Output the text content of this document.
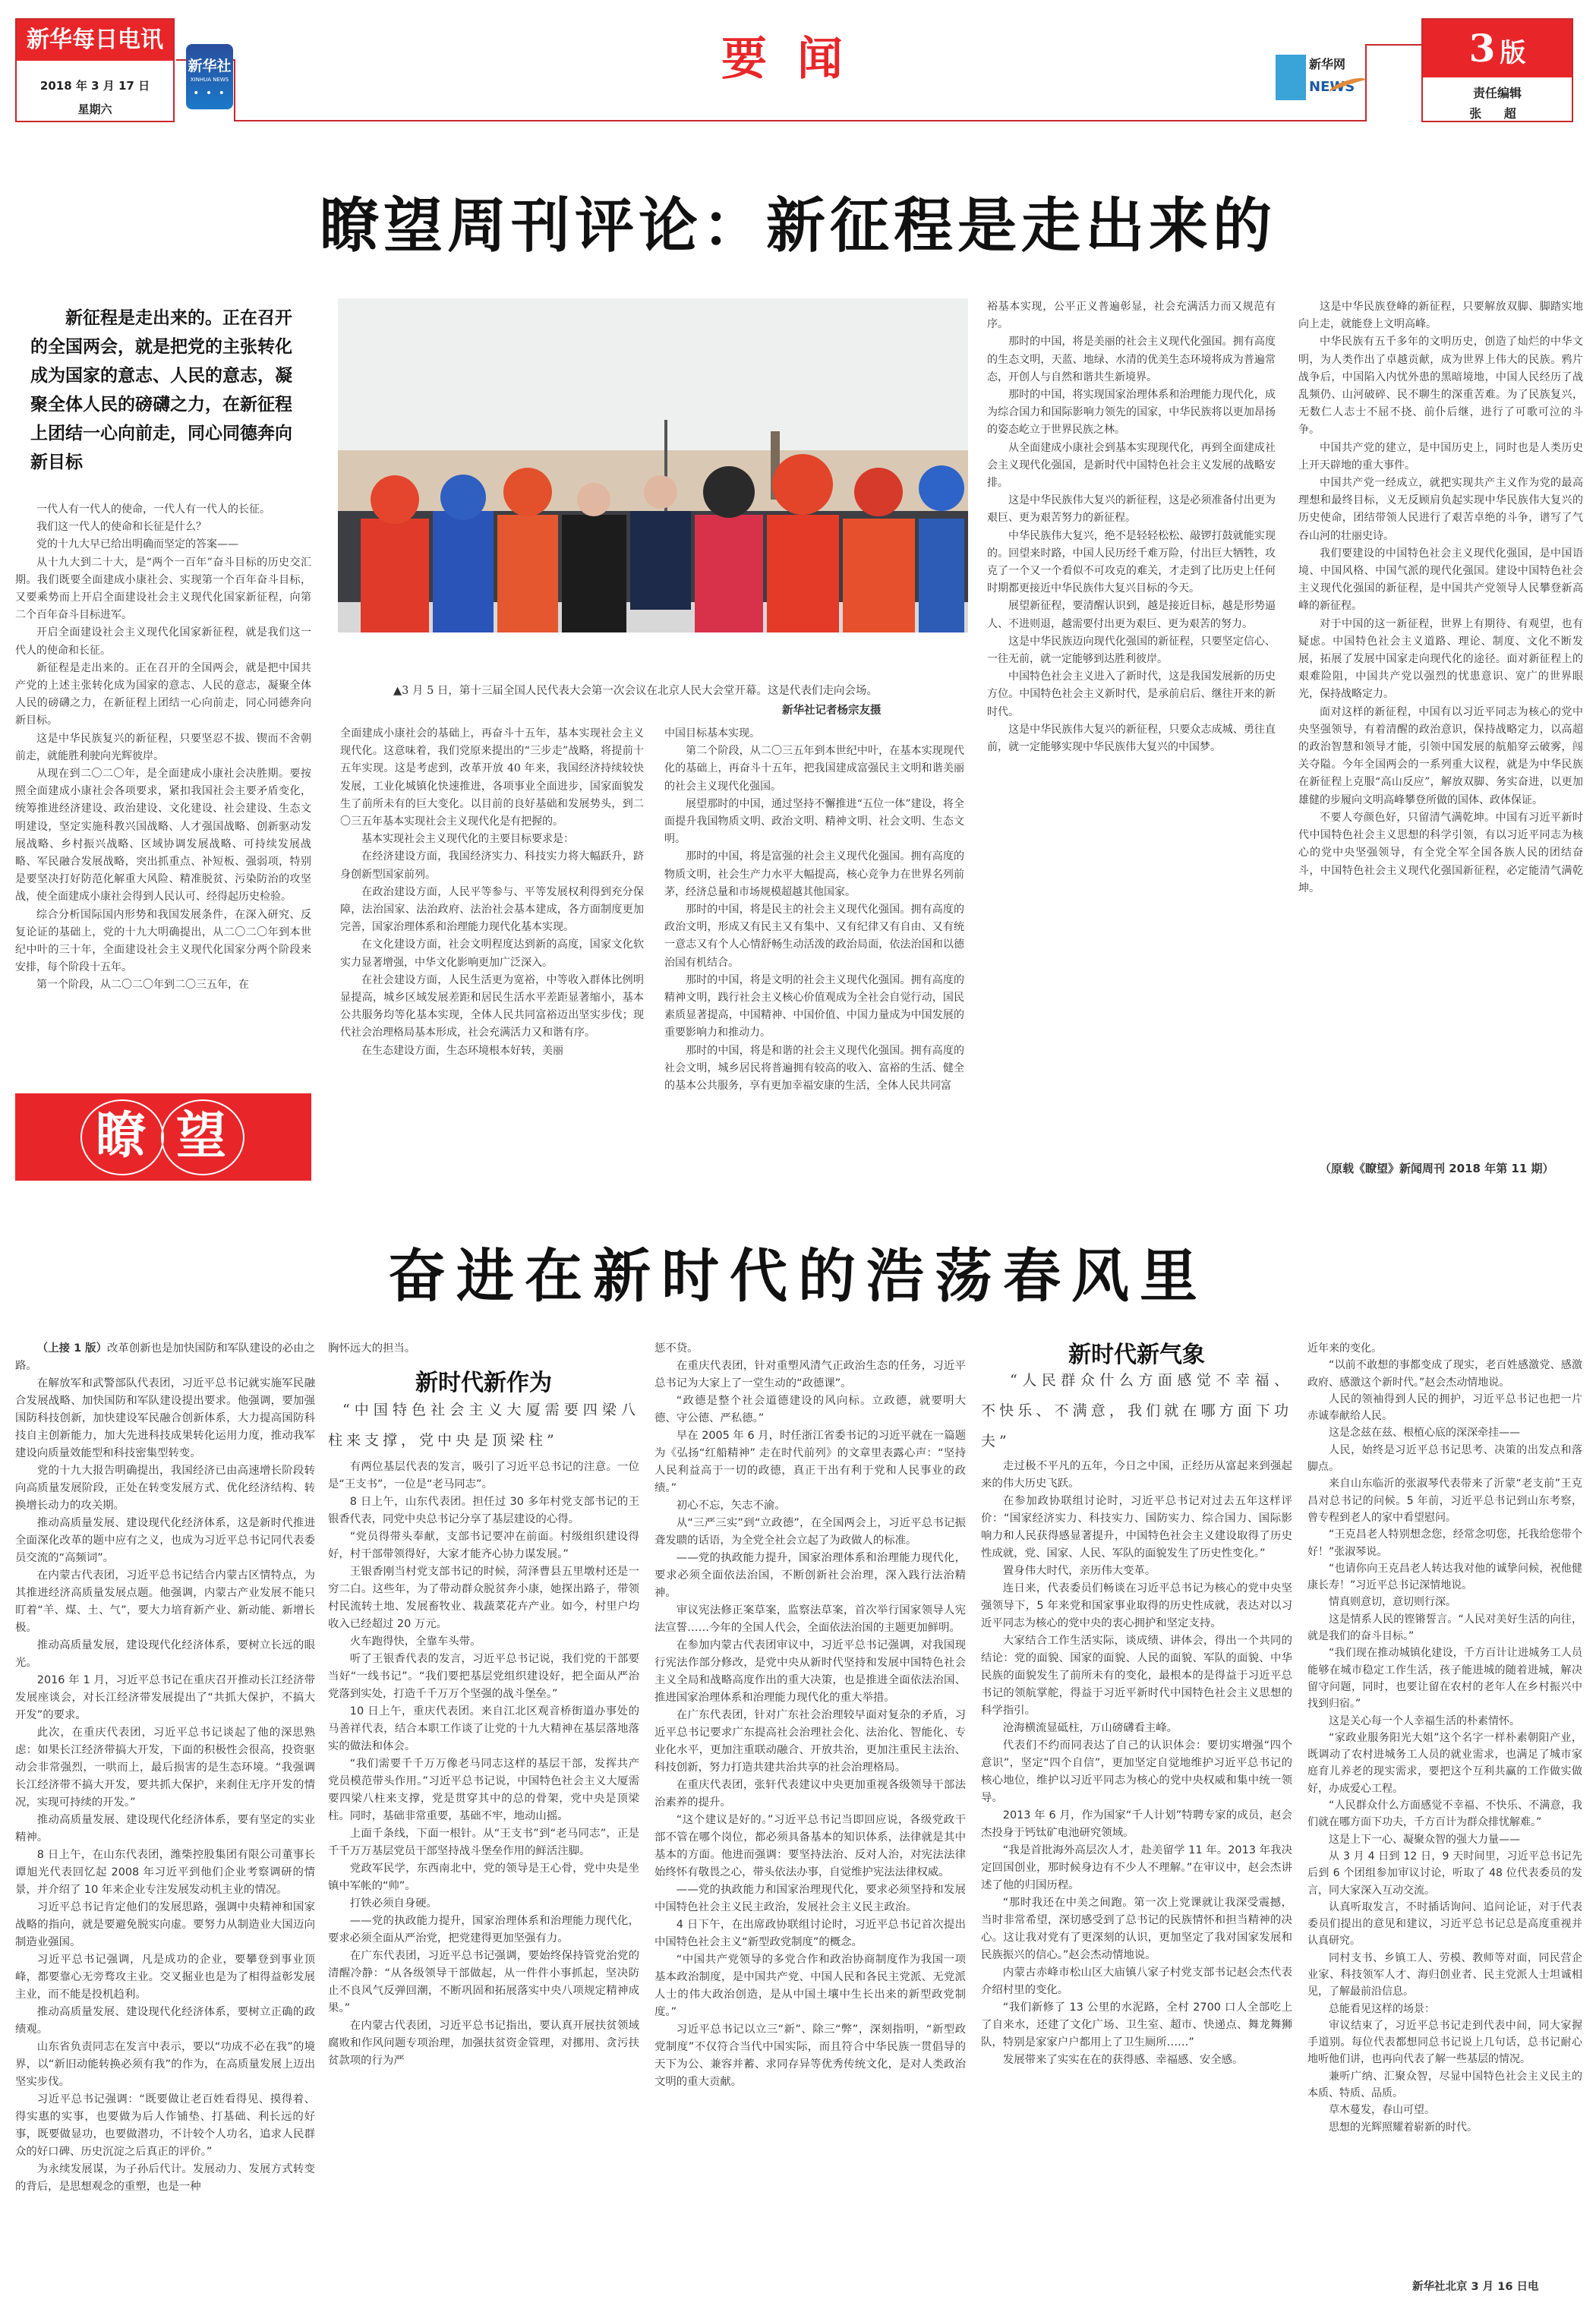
新华每日电讯
2018 年 3 月 17 日
星期六
新华社
XINHUA NEWS
• • •
要闻	新华网
NEWS
3 版
责任编辑
张 超
瞭望周刊评论：新征程是走出来的
新征程是走出来的。正在召开的全国两会，就是把党的主张转化成为国家的意志、人民的意志，凝聚全体人民的磅礴之力，在新征程上团结一心向前走，同心同德奔向新目标

一代人有一代人的使命，一代人有一代人的长征。

我们这一代人的使命和长征是什么？

党的十九大早已给出明确而坚定的答案——

从十九大到二十大，是“两个一百年”奋斗目标的历史交汇期。我们既要全面建成小康社会、实现第一个百年奋斗目标，又要乘势而上开启全面建设社会主义现代化国家新征程，向第二个百年奋斗目标进军。

开启全面建设社会主义现代化国家新征程，就是我们这一代人的使命和长征。

新征程是走出来的。正在召开的全国两会，就是把中国共产党的上述主张转化成为国家的意志、人民的意志，凝聚全体人民的磅礴之力，在新征程上团结一心向前走，同心同德奔向新目标。

这是中华民族复兴的新征程，只要坚忍不拔、锲而不舍朝前走，就能胜利驶向光辉彼岸。

从现在到二〇二〇年，是全面建成小康社会决胜期。要按照全面建成小康社会各项要求，紧扣我国社会主要矛盾变化，统筹推进经济建设、政治建设、文化建设、社会建设、生态文明建设，坚定实施科教兴国战略、人才强国战略、创新驱动发展战略、乡村振兴战略、区域协调发展战略、可持续发展战略、军民融合发展战略，突出抓重点、补短板、强弱项，特别是要坚决打好防范化解重大风险、精准脱贫、污染防治的攻坚战，使全面建成小康社会得到人民认可、经得起历史检验。

综合分析国际国内形势和我国发展条件，在深入研究、反复论证的基础上，党的十九大明确提出，从二〇二〇年到本世纪中叶的三十年，全面建设社会主义现代化国家分两个阶段来安排，每个阶段十五年。

第一个阶段，从二〇二〇年到二〇三五年，在

▲3 月 5 日，第十三届全国人民代表大会第一次会议在北京人民大会堂开幕。这是代表们走向会场。
新华社记者杨宗友摄

全面建成小康社会的基础上，再奋斗十五年，基本实现社会主义现代化。这意味着，我们党原来提出的“三步走”战略，将提前十五年实现。这是考虑到，改革开放 40 年来，我国经济持续较快发展，工业化城镇化快速推进，各项事业全面进步，国家面貌发生了前所未有的巨大变化。以目前的良好基础和发展势头，到二〇三五年基本实现社会主义现代化是有把握的。

基本实现社会主义现代化的主要目标要求是：

在经济建设方面，我国经济实力、科技实力将大幅跃升，跻身创新型国家前列。

在政治建设方面，人民平等参与、平等发展权利得到充分保障，法治国家、法治政府、法治社会基本建成，各方面制度更加完善，国家治理体系和治理能力现代化基本实现。

在文化建设方面，社会文明程度达到新的高度，国家文化软实力显著增强，中华文化影响更加广泛深入。

在社会建设方面，人民生活更为宽裕，中等收入群体比例明显提高，城乡区域发展差距和居民生活水平差距显著缩小，基本公共服务均等化基本实现，全体人民共同富裕迈出坚实步伐；现代社会治理格局基本形成，社会充满活力又和谐有序。

在生态建设方面，生态环境根本好转，美丽

中国目标基本实现。

第二个阶段，从二〇三五年到本世纪中叶，在基本实现现代化的基础上，再奋斗十五年，把我国建成富强民主文明和谐美丽的社会主义现代化强国。

展望那时的中国，通过坚持不懈推进“五位一体”建设，将全面提升我国物质文明、政治文明、精神文明、社会文明、生态文明。

那时的中国，将是富强的社会主义现代化强国。拥有高度的物质文明，社会生产力水平大幅提高，核心竞争力在世界名列前茅，经济总量和市场规模超越其他国家。

那时的中国，将是民主的社会主义现代化强国。拥有高度的政治文明，形成又有民主又有集中、又有纪律又有自由、又有统一意志又有个人心情舒畅生动活泼的政治局面，依法治国和以德治国有机结合。

那时的中国，将是文明的社会主义现代化强国。拥有高度的精神文明，践行社会主义核心价值观成为全社会自觉行动，国民素质显著提高，中国精神、中国价值、中国力量成为中国发展的重要影响力和推动力。

那时的中国，将是和谐的社会主义现代化强国。拥有高度的社会文明，城乡居民将普遍拥有较高的收入、富裕的生活、健全的基本公共服务，享有更加幸福安康的生活，全体人民共同富

裕基本实现，公平正义普遍彰显，社会充满活力而又规范有序。

那时的中国，将是美丽的社会主义现代化强国。拥有高度的生态文明，天蓝、地绿、水清的优美生态环境将成为普遍常态，开创人与自然和谐共生新境界。

那时的中国，将实现国家治理体系和治理能力现代化，成为综合国力和国际影响力领先的国家，中华民族将以更加昂扬的姿态屹立于世界民族之林。

从全面建成小康社会到基本实现现代化，再到全面建成社会主义现代化强国，是新时代中国特色社会主义发展的战略安排。

这是中华民族伟大复兴的新征程，这是必须准备付出更为艰巨、更为艰苦努力的新征程。

中华民族伟大复兴，绝不是轻轻松松、敲锣打鼓就能实现的。回望来时路，中国人民历经千难万险，付出巨大牺牲，攻克了一个又一个看似不可攻克的难关，才走到了比历史上任何时期都更接近中华民族伟大复兴目标的今天。

展望新征程，要清醒认识到，越是接近目标，越是形势逼人、不进则退，越需要付出更为艰巨、更为艰苦的努力。

这是中华民族迈向现代化强国的新征程，只要坚定信心、一往无前，就一定能够到达胜利彼岸。

中国特色社会主义进入了新时代，这是我国发展新的历史方位。中国特色社会主义新时代，是承前启后、继往开来的新时代。

这是中华民族伟大复兴的新征程，只要众志成城、勇往直前，就一定能够实现中华民族伟大复兴的中国梦。

这是中华民族登峰的新征程，只要解放双脚、脚踏实地向上走，就能登上文明高峰。

中华民族有五千多年的文明历史，创造了灿烂的中华文明，为人类作出了卓越贡献，成为世界上伟大的民族。鸦片战争后，中国陷入内忧外患的黑暗境地，中国人民经历了战乱频仍、山河破碎、民不聊生的深重苦难。为了民族复兴，无数仁人志士不屈不挠、前仆后继，进行了可歌可泣的斗争。

中国共产党的建立，是中国历史上，同时也是人类历史上开天辟地的重大事件。

中国共产党一经成立，就把实现共产主义作为党的最高理想和最终目标，义无反顾肩负起实现中华民族伟大复兴的历史使命，团结带领人民进行了艰苦卓绝的斗争，谱写了气吞山河的壮丽史诗。

我们要建设的中国特色社会主义现代化强国，是中国语境、中国风格、中国气派的现代化强国。建设中国特色社会主义现代化强国的新征程，是中国共产党领导人民攀登新高峰的新征程。

对于中国的这一新征程，世界上有期待、有观望，也有疑虑。中国特色社会主义道路、理论、制度、文化不断发展，拓展了发展中国家走向现代化的途径。面对新征程上的艰难险阻，中国共产党以强烈的忧患意识、宽广的世界眼光，保持战略定力。

面对这样的新征程，中国有以习近平同志为核心的党中央坚强领导，有着清醒的政治意识，保持战略定力，以高超的政治智慧和领导才能，引领中国发展的航船穿云破雾，闯关夺隘。今年全国两会的一系列重大议程，就是为中华民族在新征程上克服“高山反应”，解放双脚、务实奋进，以更加雄健的步履向文明高峰攀登所做的国体、政体保证。

不要人夸颜色好，只留清气满乾坤。中国有习近平新时代中国特色社会主义思想的科学引领，有以习近平同志为核心的党中央坚强领导，有全党全军全国各族人民的团结奋斗，中国特色社会主义现代化强国新征程，必定能清气满乾坤。

（原载《瞭望》新闻周刊 2018 年第 11 期）
瞭 望
奋进在新时代的浩荡春风里

（上接 1 版）改革创新也是加快国防和军队建设的必由之路。

在解放军和武警部队代表团，习近平总书记就实施军民融合发展战略、加快国防和军队建设提出要求。他强调，要加强国防科技创新，加快建设军民融合创新体系，大力提高国防科技自主创新能力，加大先进科技成果转化运用力度，推动我军建设向质量效能型和科技密集型转变。

党的十九大报告明确提出，我国经济已由高速增长阶段转向高质量发展阶段，正处在转变发展方式、优化经济结构、转换增长动力的攻关期。

推动高质量发展、建设现代化经济体系，这是新时代推进全面深化改革的题中应有之义，也成为习近平总书记同代表委员交流的“高频词”。

在内蒙古代表团，习近平总书记结合内蒙古区情特点，为其推进经济高质量发展点题。他强调，内蒙古产业发展不能只盯着“羊、煤、土、气”，要大力培育新产业、新动能、新增长极。

推动高质量发展，建设现代化经济体系，要树立长远的眼光。

2016 年 1 月，习近平总书记在重庆召开推动长江经济带发展座谈会，对长江经济带发展提出了“共抓大保护，不搞大开发”的要求。

此次，在重庆代表团，习近平总书记谈起了他的深思熟虑：如果长江经济带搞大开发，下面的积极性会很高，投资驱动会非常强烈，一哄而上，最后损害的是生态环境。“我强调长江经济带不搞大开发，要共抓大保护，来刹住无序开发的情况，实现可持续的开发。”

推动高质量发展、建设现代化经济体系，要有坚定的实业精神。

8 日上午，在山东代表团，潍柴控股集团有限公司董事长谭旭光代表回忆起 2008 年习近平到他们企业考察调研的情景，并介绍了 10 年来企业专注发展发动机主业的情况。

习近平总书记肯定他们的发展思路，强调中央精神和国家战略的指向，就是要避免脱实向虚。要努力从制造业大国迈向制造业强国。

习近平总书记强调，凡是成功的企业，要攀登到事业顶峰，都要靠心无旁骛攻主业。交叉掘业也是为了相得益彰发展主业，而不能是投机趋利。

推动高质量发展、建设现代化经济体系，要树立正确的政绩观。

山东省负责同志在发言中表示，要以“功成不必在我”的境界，以“新旧动能转换必须有我”的作为，在高质量发展上迈出坚实步伐。

习近平总书记强调：“既要做让老百姓看得见、摸得着、得实惠的实事，也要做为后人作铺垫、打基础、利长远的好事，既要做显功，也要做潜功，不计较个人功名，追求人民群众的好口碑、历史沉淀之后真正的评价。”

为永续发展谋，为子孙后代计。发展动力、发展方式转变的背后，是思想观念的重塑，也是一种

胸怀远大的担当。

新时代新作为
“中国特色社会主义大厦需要四梁八柱来支撑，党中央是顶梁柱”

有两位基层代表的发言，吸引了习近平总书记的注意。一位是“王支书”，一位是“老马同志”。

8 日上午，山东代表团。担任过 30 多年村党支部书记的王银香代表，同党中央总书记分享了基层建设的心得。

“党员得带头奉献，支部书记要冲在前面。村级组织建设得好，村干部带领得好，大家才能齐心协力谋发展。”

王银香刚当村党支部书记的时候，菏泽曹县五里墩村还是一穷二白。这些年，为了带动群众脱贫奔小康，她探出路子，带领村民流转土地、发展畜牧业、栽蔬菜花卉产业。如今，村里户均收入已经超过 20 万元。

火车跑得快，全靠车头带。

听了王银香代表的发言，习近平总书记说，我们党的干部要当好“一线书记”。“我们要把基层党组织建设好，把全面从严治党落到实处，打造千千万万个坚强的战斗堡垒。”

10 日上午，重庆代表团。来自江北区观音桥街道办事处的马善祥代表，结合本职工作谈了让党的十九大精神在基层落地落实的做法和体会。

“我们需要千千万万像老马同志这样的基层干部，发挥共产党员模范带头作用。”习近平总书记说，中国特色社会主义大厦需要四梁八柱来支撑，党是贯穿其中的总的骨架，党中央是顶梁柱。同时，基础非常重要，基础不牢，地动山摇。

上面千条线，下面一根针。从“王支书”到“老马同志”，正是千千万万基层党员干部坚持战斗堡垒作用的鲜活注脚。

党政军民学，东西南北中，党的领导是王心骨，党中央是坐镇中军帐的“帅”。

打铁必须自身硬。

——党的执政能力提升，国家治理体系和治理能力现代化，要求必须全面从严治党，把党建得更加坚强有力。

在广东代表团，习近平总书记强调，要始终保持管党治党的清醒冷静：“从各级领导干部做起，从一件件小事抓起，坚决防止不良风气反弹回潮，不断巩固和拓展落实中央八项规定精神成果。”

在内蒙古代表团，习近平总书记指出，要认真开展扶贫领域腐败和作风问题专项治理，加强扶贫资金管理，对挪用、贪污扶贫款项的行为严

惩不贷。

在重庆代表团，针对重塑风清气正政治生态的任务，习近平总书记为大家上了一堂生动的“政德课”。

“政德是整个社会道德建设的风向标。立政德，就要明大德、守公德、严私德。”

早在 2005 年 6 月，时任浙江省委书记的习近平就在一篇题为《弘扬“红船精神” 走在时代前列》的文章里表露心声：“坚持人民利益高于一切的政德，真正干出有利于党和人民事业的政绩。”

初心不忘，矢志不渝。

从“三严三实”到“立政德”，在全国两会上，习近平总书记振聋发聩的话语，为全党全社会立起了为政做人的标准。

——党的执政能力提升，国家治理体系和治理能力现代化，要求必须全面依法治国，不断创新社会治理，深入践行法治精神。

审议宪法修正案草案，监察法草案，首次举行国家领导人宪法宣誓……今年的全国人代会，全面依法治国的主题更加鲜明。

在参加内蒙古代表团审议中，习近平总书记强调，对我国现行宪法作部分修改，是党中央从新时代坚持和发展中国特色社会主义全局和战略高度作出的重大决策，也是推进全面依法治国、推进国家治理体系和治理能力现代化的重大举措。

在广东代表团，针对广东社会治理较早面对复杂的矛盾，习近平总书记要求广东提高社会治理社会化、法治化、智能化、专业化水平，更加注重联动融合、开放共治，更加注重民主法治、科技创新，努力打造共建共治共享的社会治理格局。

在重庆代表团，张轩代表建议中央更加重视各级领导干部法治素养的提升。

“这个建议是好的。”习近平总书记当即回应说，各级党政干部不管在哪个岗位，都必须具备基本的知识体系，法律就是其中基本的方面。他进而强调：要坚持法治、反对人治，对宪法法律始终怀有敬畏之心，带头依法办事，自觉维护宪法法律权威。

——党的执政能力和国家治理现代化，要求必须坚持和发展中国特色社会主义民主政治，发展社会主义民主政治。

4 日下午，在出席政协联组讨论时，习近平总书记首次提出中国特色社会主义“新型政党制度”的概念。

“中国共产党领导的多党合作和政治协商制度作为我国一项基本政治制度，是中国共产党、中国人民和各民主党派、无党派人士的伟大政治创造，是从中国土壤中生长出来的新型政党制度。”

习近平总书记以立三“新”、除三“弊”，深刻指明，“新型政党制度”不仅符合当代中国实际，而且符合中华民族一贯倡导的天下为公、兼容并蓄、求同存异等优秀传统文化，是对人类政治文明的重大贡献。

新时代新气象
“人民群众什么方面感觉不幸福、不快乐、不满意，我们就在哪方面下功夫”

走过极不平凡的五年，今日之中国，正经历从富起来到强起来的伟大历史飞跃。

在参加政协联组讨论时，习近平总书记对过去五年这样评价：“国家经济实力、科技实力、国防实力、综合国力、国际影响力和人民获得感显著提升，中国特色社会主义建设取得了历史性成就，党、国家、人民、军队的面貌发生了历史性变化。”

置身伟大时代，亲历伟大变革。

连日来，代表委员们畅谈在习近平总书记为核心的党中央坚强领导下，5 年来党和国家事业取得的历史性成就，表达对以习近平同志为核心的党中央的衷心拥护和坚定支持。

大家结合工作生活实际，谈成绩、讲体会，得出一个共同的结论：党的面貌、国家的面貌、人民的面貌、军队的面貌、中华民族的面貌发生了前所未有的变化，最根本的是得益于习近平总书记的领航掌舵，得益于习近平新时代中国特色社会主义思想的科学指引。

沧海横流显砥柱，万山磅礴看主峰。

代表们不约而同表达了自己的认识体会：要切实增强“四个意识”，坚定“四个自信”，更加坚定自觉地维护习近平总书记的核心地位，维护以习近平同志为核心的党中央权威和集中统一领导。

2013 年 6 月，作为国家“千人计划”特聘专家的成员，赵会杰投身于钙钛矿电池研究领域。

“我是首批海外高层次人才，赴美留学 11 年。2013 年我决定回国创业，那时候身边有不少人不理解。”在审议中，赵会杰讲述了他的归国历程。

“那时我还在中美之间跑。第一次上党课就让我深受震撼，当时非常希望，深切感受到了总书记的民族情怀和担当精神的决心。这让我对党有了更深刻的认识，更加坚定了我对国家发展和民族振兴的信心。”赵会杰动情地说。

内蒙古赤峰市松山区大庙镇八家子村党支部书记赵会杰代表介绍村里的变化。

“我们新修了 13 公里的水泥路，全村 2700 口人全部吃上了自来水，还建了文化广场、卫生室、超市、快递点、舞龙舞狮队，特别是家家户户都用上了卫生厕所……”

发展带来了实实在在的获得感、幸福感、安全感。

近年来的变化。

“以前不敢想的事都变成了现实，老百姓感激党、感激政府、感激这个新时代。”赵会杰动情地说。

人民的领袖得到人民的拥护，习近平总书记也把一片赤诚奉献给人民。

这是念兹在兹、根植心底的深深牵挂——

人民，始终是习近平总书记思考、决策的出发点和落脚点。

来自山东临沂的张淑琴代表带来了沂蒙“老支前”王克昌对总书记的问候。5 年前，习近平总书记到山东考察，曾专程到老人的家中看望慰问。

“王克昌老人特别想念您，经常念叨您，托我给您带个好！”张淑琴说。

“也请你向王克昌老人转达我对他的诚挚问候，祝他健康长寿！”习近平总书记深情地说。

情真则意切，意切则行深。

这是情系人民的铿锵誓言。“人民对美好生活的向往，就是我们的奋斗目标。”

“我们现在推动城镇化建设，千方百计让进城务工人员能够在城市稳定工作生活，孩子能进城的随着进城，解决留守问题，同时，也要让留在农村的老年人在乡村振兴中找到归宿。”

这是关心每一个人幸福生活的朴素情怀。

“家政业服务阳光大姐”这个名字一样朴素朝阳产业，既调动了农村进城务工人员的就业需求，也满足了城市家庭育儿养老的现实需求，要把这个互利共赢的工作做实做好，办成爱心工程。

“人民群众什么方面感觉不幸福、不快乐、不满意，我们就在哪方面下功夫，千方百计为群众排忧解难。”

这是上下一心、凝聚众智的强大力量——

从 3 月 4 日到 12 日，9 天时间里，习近平总书记先后到 6 个团组参加审议讨论，听取了 48 位代表委员的发言，同大家深入互动交流。

认真听取发言，不时插话询问、追问论证，对于代表委员们提出的意见和建议，习近平总书记总是高度重视并认真研究。

同村支书、乡镇工人、劳模、教师等对面，同民营企业家、科技领军人才、海归创业者、民主党派人士坦诚相见，了解最前沿信息。

总能看见这样的场景：

审议结束了，习近平总书记走到代表中间，同大家握手道别。每位代表都想同总书记说上几句话，总书记耐心地听他们讲，也再向代表了解一些基层的情况。

兼听广纳、汇聚众智，尽显中国特色社会主义民主的本质、特质、品质。

草木蔓发，春山可望。

思想的光辉照耀着崭新的时代。

新华社北京 3 月 16 日电
